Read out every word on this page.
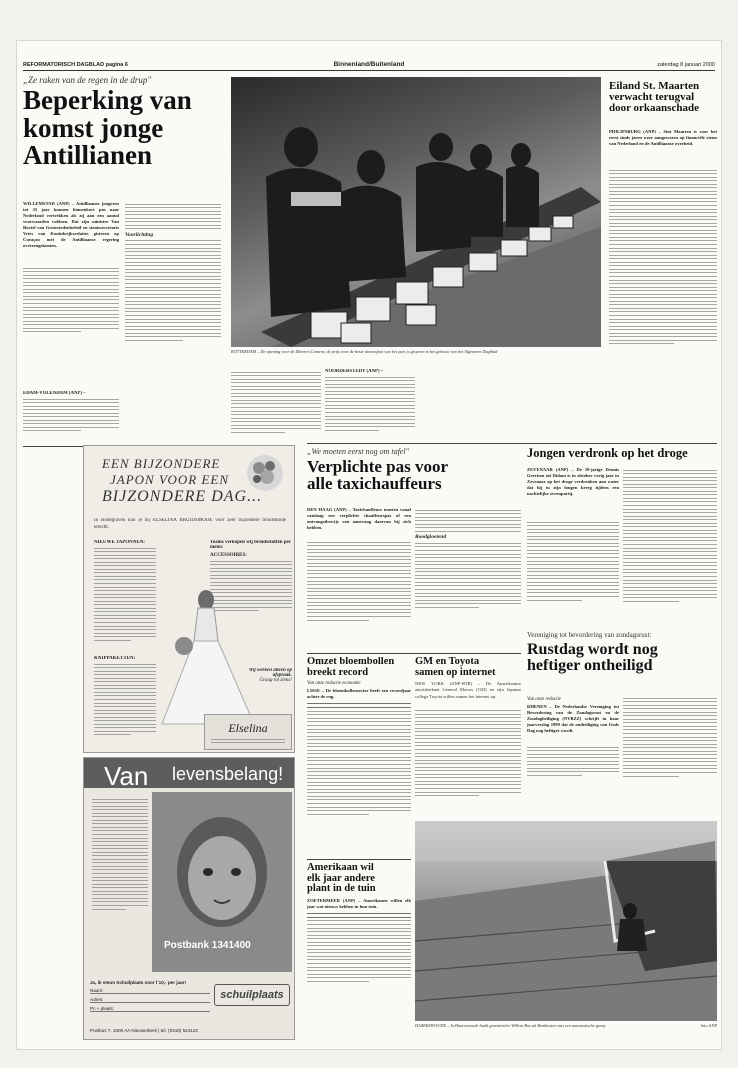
REFORMATORISCH DAGBLAD pagina 6	Binnenland/Buitenland	zaterdag 8 januari 2000
„Ze raken van de regen in de drup"
Beperking van
komst jonge
Antillianen
WILLEMSTAD (ANP) – Antilliaanse jongeren tot 25 jaar kunnen binnenkort pas naar Nederland vertrekken als zij aan een aantal voorwaarden voldoen. Dat zijn minister Van Boxtel van Grotestedenbeleid en staatssecretaris Vries van Koninkrijksrelaties gisteren op Curaçao met de Antilliaanse regering overeengekomen.
EDAM-VOLENDAM (ANP) –
Voorlichting
ROTTERDAM – De opening voor de Zileeren Camera, de prijs voor de beste nieuwsfoto van het jaar, is gisteren in het gebouw van het Algemeen Dagblad
NOORDERSTEDY (ANP) –
Eiland St. Maarten
verwacht terugval
door orkaanschade
PHILIPSBURG (ANP) – Sint Maarten is voor het eerst sinds jaren weer aangewezen op financiële steun van Nederland en de Antilliaanse overheid.
„We moeten eerst nog om tafel"
Verplichte pas voor
alle taxichauffeurs
DEN HAAG (ANP) – Taxichauffeurs moeten vanaf vandaag een verplichte chauffeurspas of een ontvangstbewijs van aanvraag daarvan bij zich hebben.
Roodgloeiend
Jongen verdronk op het droge
ZEVENAAR (ANP) – De 18-jarige Dennis Gerrisen uit Didam is in oktober vorig jaar in Zevenaar op het droge verdronken aan water dat hij in zijn longen kreeg tijdens een nachtelijke zwempartij.
Vereniging tot bevordering van zondagsrust:
Rustdag wordt nog
heftiger ontheiligd
Van onze redactie
RHENEN – De Nederlandse Vereniging tot Bevordering van de Zondagsrust en de Zondagheiliging (NVBZZ) schrijft in haar jaarverslag 1999 dat de ontheiliging van Gods Dag nog heftiger wordt.
Omzet bloembollen
breekt record
Van onze redactie economie
LISSE – De bloembollensector heeft een recordjaar achter de rug.
GM en Toyota
samen op internet
NEW YORK (ANP-RTR) – De Amerikaanse autofabrikant General Motors (GM) en zijn Japanse collega Toyota willen samen het internet op.
Amerikaan wil
elk jaar andere
plant in de tuin
ZOETERMEER (ANP) – Amerikanen willen elk jaar wat nieuws hebben in hun tuin.
HAZERSWOUDE – In Hazerswoude haalt groenteteler Willem Bos uit Benthuizen met een automatische greep	foto ANP
EEN BIJZONDERE
JAPON VOOR EEN
BIJZONDERE DAG...
In Bodegraven kun je bij ELSELINA BRUIDSMODE voor zeer bijzondere bruidsmode terecht.
NIEUWE JAPONNEN:
KNIPPAKETTEN:
Teams verkopen wij bruidsstoffen per meter.
ACCESSOIRES:
Wij werken alleen op afspraak.
Graag tot ziens!
Elselina
Van levensbelang!
Postbank 1341400
Ja, ik steun Schuilplaats voor f 10,- per jaar!
Naam:
Adres:
Pc + plaats:
schuilplaats
Postbus 7, 3400 AA Nieuwerkerk | tel. (0318) 524122
